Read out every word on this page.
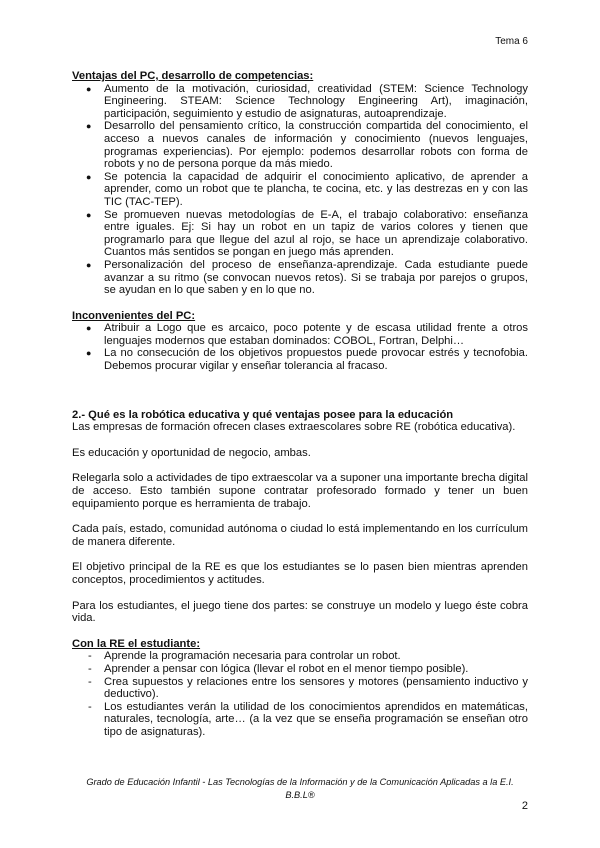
Tema 6
Ventajas del PC, desarrollo de competencias:
● Aumento de la motivación, curiosidad, creatividad (STEM: Science Technology Engineering. STEAM: Science Technology Engineering Art), imaginación, participación, seguimiento y estudio de asignaturas, autoaprendizaje.
● Desarrollo del pensamiento crítico, la construcción compartida del conocimiento, el acceso a nuevos canales de información y conocimiento (nuevos lenguajes, programas experiencias). Por ejemplo: podemos desarrollar robots con forma de robots y no de persona porque da más miedo.
● Se potencia la capacidad de adquirir el conocimiento aplicativo, de aprender a aprender, como un robot que te plancha, te cocina, etc. y las destrezas en y con las TIC (TAC-TEP).
● Se promueven nuevas metodologías de E-A, el trabajo colaborativo: enseñanza entre iguales. Ej: Si hay un robot en un tapiz de varios colores y tienen que programarlo para que llegue del azul al rojo, se hace un aprendizaje colaborativo. Cuantos más sentidos se pongan en juego más aprenden.
● Personalización del proceso de enseñanza-aprendizaje. Cada estudiante puede avanzar a su ritmo (se convocan nuevos retos). Si se trabaja por parejos o grupos, se ayudan en lo que saben y en lo que no.
Inconvenientes del PC:
● Atribuir a Logo que es arcaico, poco potente y de escasa utilidad frente a otros lenguajes modernos que estaban dominados: COBOL, Fortran, Delphi…
● La no consecución de los objetivos propuestos puede provocar estrés y tecnofobia. Debemos procurar vigilar y enseñar tolerancia al fracaso.
2.- Qué es la robótica educativa y qué ventajas posee para la educación

Las empresas de formación ofrecen clases extraescolares sobre RE (robótica educativa).

Es educación y oportunidad de negocio, ambas.

Relegarla solo a actividades de tipo extraescolar va a suponer una importante brecha digital de acceso. Esto también supone contratar profesorado formado y tener un buen equipamiento porque es herramienta de trabajo.

Cada país, estado, comunidad autónoma o ciudad lo está implementando en los currículum de manera diferente.

El objetivo principal de la RE es que los estudiantes se lo pasen bien mientras aprenden conceptos, procedimientos y actitudes.

Para los estudiantes, el juego tiene dos partes: se construye un modelo y luego éste cobra vida.

Con la RE el estudiante:
- Aprende la programación necesaria para controlar un robot.
- Aprender a pensar con lógica (llevar el robot en el menor tiempo posible).
- Crea supuestos y relaciones entre los sensores y motores (pensamiento inductivo y deductivo).
- Los estudiantes verán la utilidad de los conocimientos aprendidos en matemáticas, naturales, tecnología, arte… (a la vez que se enseña programación se enseñan otro tipo de asignaturas).
Grado de Educación Infantil - Las Tecnologías de la Información y de la Comunicación Aplicadas a la E.I.
B.B.L®
2
